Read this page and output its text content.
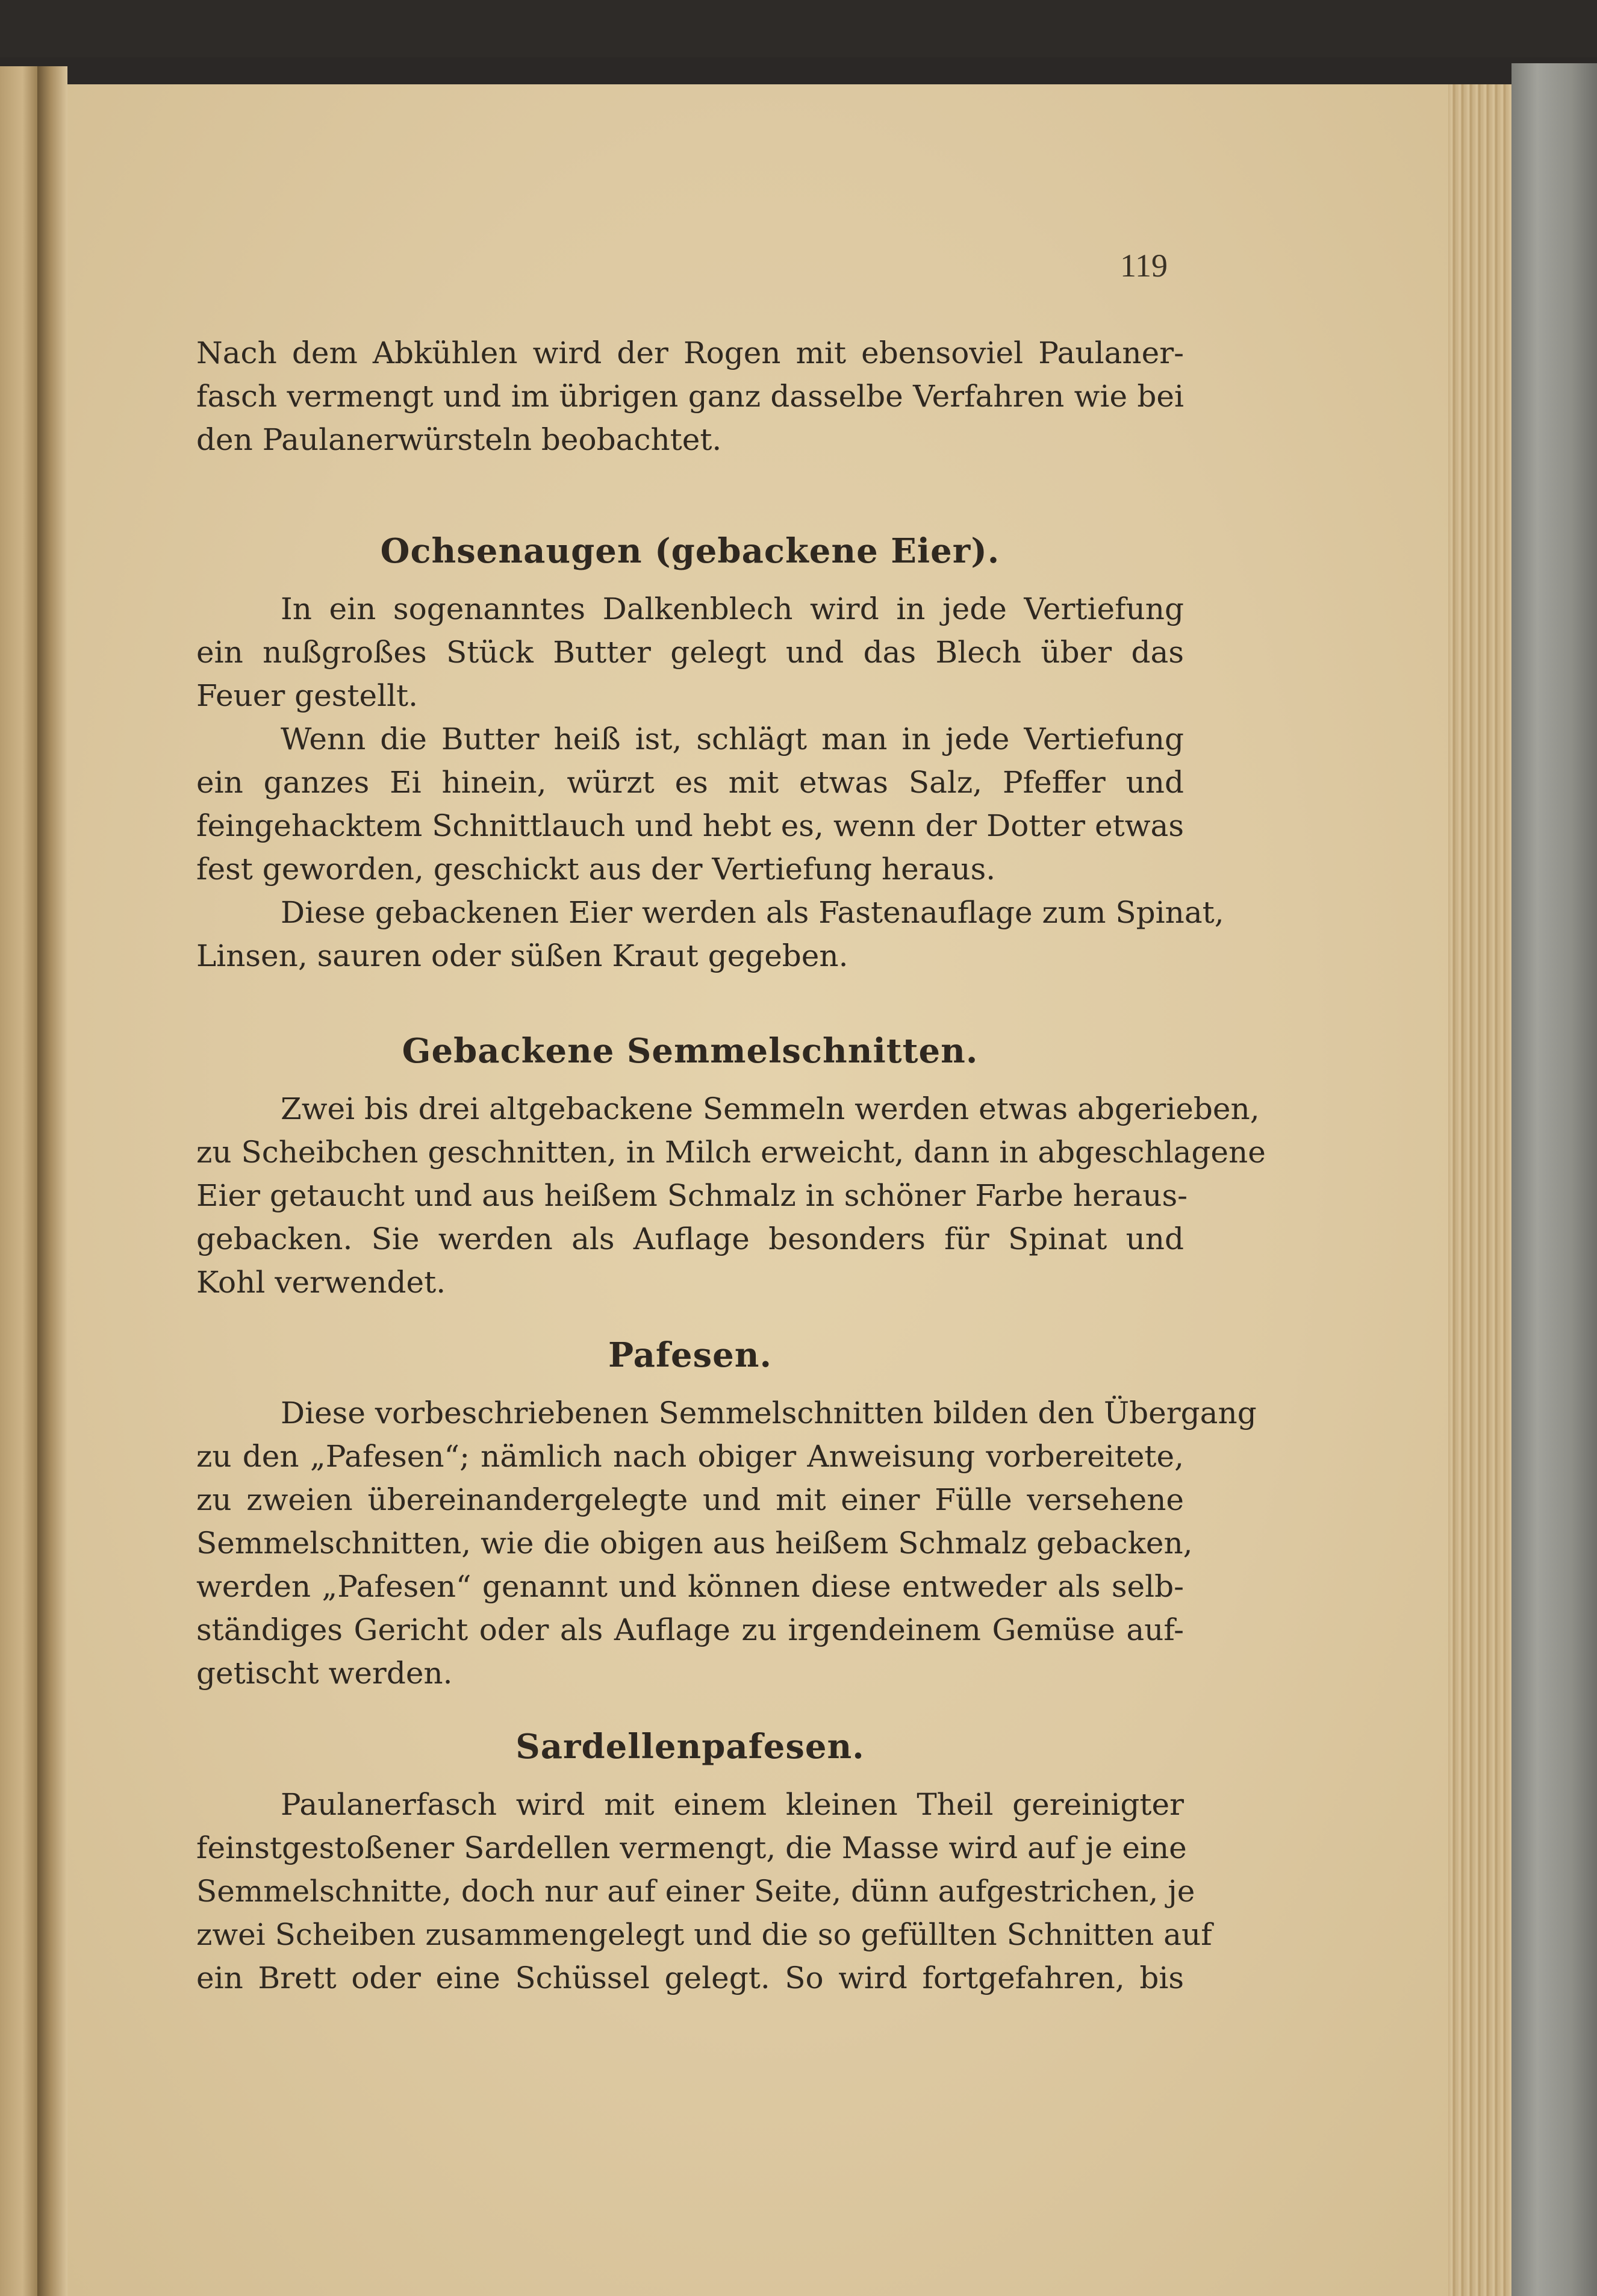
119
Nach dem Abkühlen wird der Rogen mit ebensoviel Paulaner-
fasch vermengt und im übrigen ganz dasselbe Verfahren wie bei
den Paulanerwürsteln beobachtet.
Ochsenaugen (gebackene Eier).
In ein sogenanntes Dalkenblech wird in jede Vertiefung
ein nußgroßes Stück Butter gelegt und das Blech über das
Feuer gestellt.
Wenn die Butter heiß ist, schlägt man in jede Vertiefung
ein ganzes Ei hinein, würzt es mit etwas Salz, Pfeffer und
feingehacktem Schnittlauch und hebt es, wenn der Dotter etwas
fest geworden, geschickt aus der Vertiefung heraus.
Diese gebackenen Eier werden als Fastenauflage zum Spinat,
Linsen, sauren oder süßen Kraut gegeben.
Gebackene Semmelschnitten.
Zwei bis drei altgebackene Semmeln werden etwas abgerieben,
zu Scheibchen geschnitten, in Milch erweicht, dann in abgeschlagene
Eier getaucht und aus heißem Schmalz in schöner Farbe heraus-
gebacken. Sie werden als Auflage besonders für Spinat und
Kohl verwendet.
Pafesen.
Diese vorbeschriebenen Semmelschnitten bilden den Übergang
zu den „Pafesen“; nämlich nach obiger Anweisung vorbereitete,
zu zweien übereinandergelegte und mit einer Fülle versehene
Semmelschnitten, wie die obigen aus heißem Schmalz gebacken,
werden „Pafesen“ genannt und können diese entweder als selb-
ständiges Gericht oder als Auflage zu irgendeinem Gemüse auf-
getischt werden.
Sardellenpafesen.
Paulanerfasch wird mit einem kleinen Theil gereinigter
feinstgestoßener Sardellen vermengt, die Masse wird auf je eine
Semmelschnitte, doch nur auf einer Seite, dünn aufgestrichen, je
zwei Scheiben zusammengelegt und die so gefüllten Schnitten auf
ein Brett oder eine Schüssel gelegt. So wird fortgefahren, bis
